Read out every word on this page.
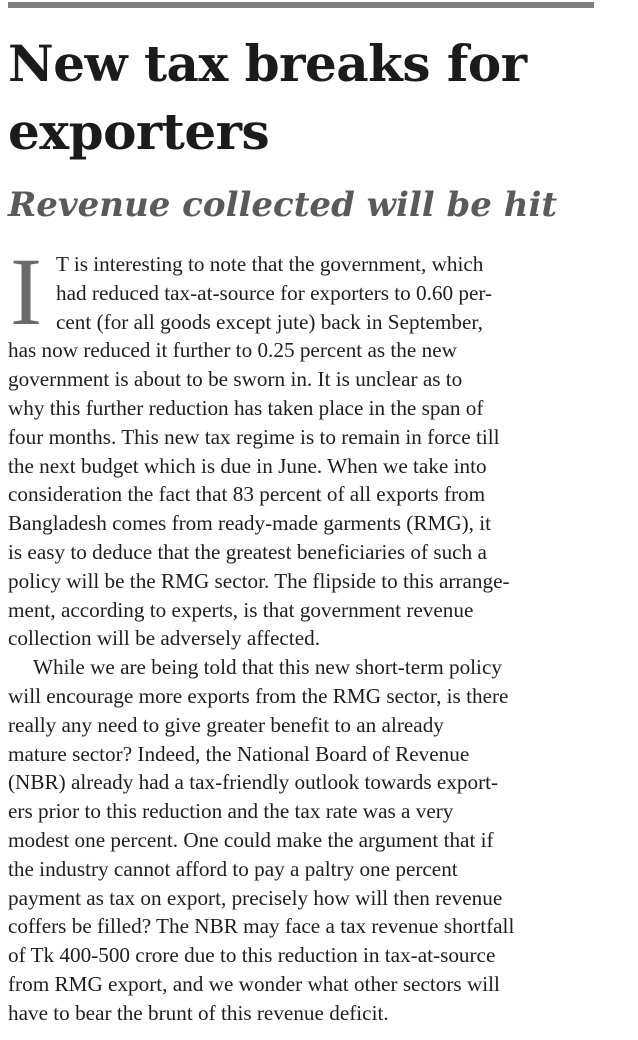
New tax breaks for
exporters
Revenue collected will be hit
I T is interesting to note that the government, which
had reduced tax-at-source for exporters to 0.60 per-
cent (for all goods except jute) back in September,
has now reduced it further to 0.25 percent as the new
government is about to be sworn in. It is unclear as to
why this further reduction has taken place in the span of
four months. This new tax regime is to remain in force till
the next budget which is due in June. When we take into
consideration the fact that 83 percent of all exports from
Bangladesh comes from ready-made garments (RMG), it
is easy to deduce that the greatest beneficiaries of such a
policy will be the RMG sector. The flipside to this arrange-
ment, according to experts, is that government revenue
collection will be adversely affected.

While we are being told that this new short-term policy
will encourage more exports from the RMG sector, is there
really any need to give greater benefit to an already
mature sector? Indeed, the National Board of Revenue
(NBR) already had a tax-friendly outlook towards export-
ers prior to this reduction and the tax rate was a very
modest one percent. One could make the argument that if
the industry cannot afford to pay a paltry one percent
payment as tax on export, precisely how will then revenue
coffers be filled? The NBR may face a tax revenue shortfall
of Tk 400-500 crore due to this reduction in tax-at-source
from RMG export, and we wonder what other sectors will
have to bear the brunt of this revenue deficit.
